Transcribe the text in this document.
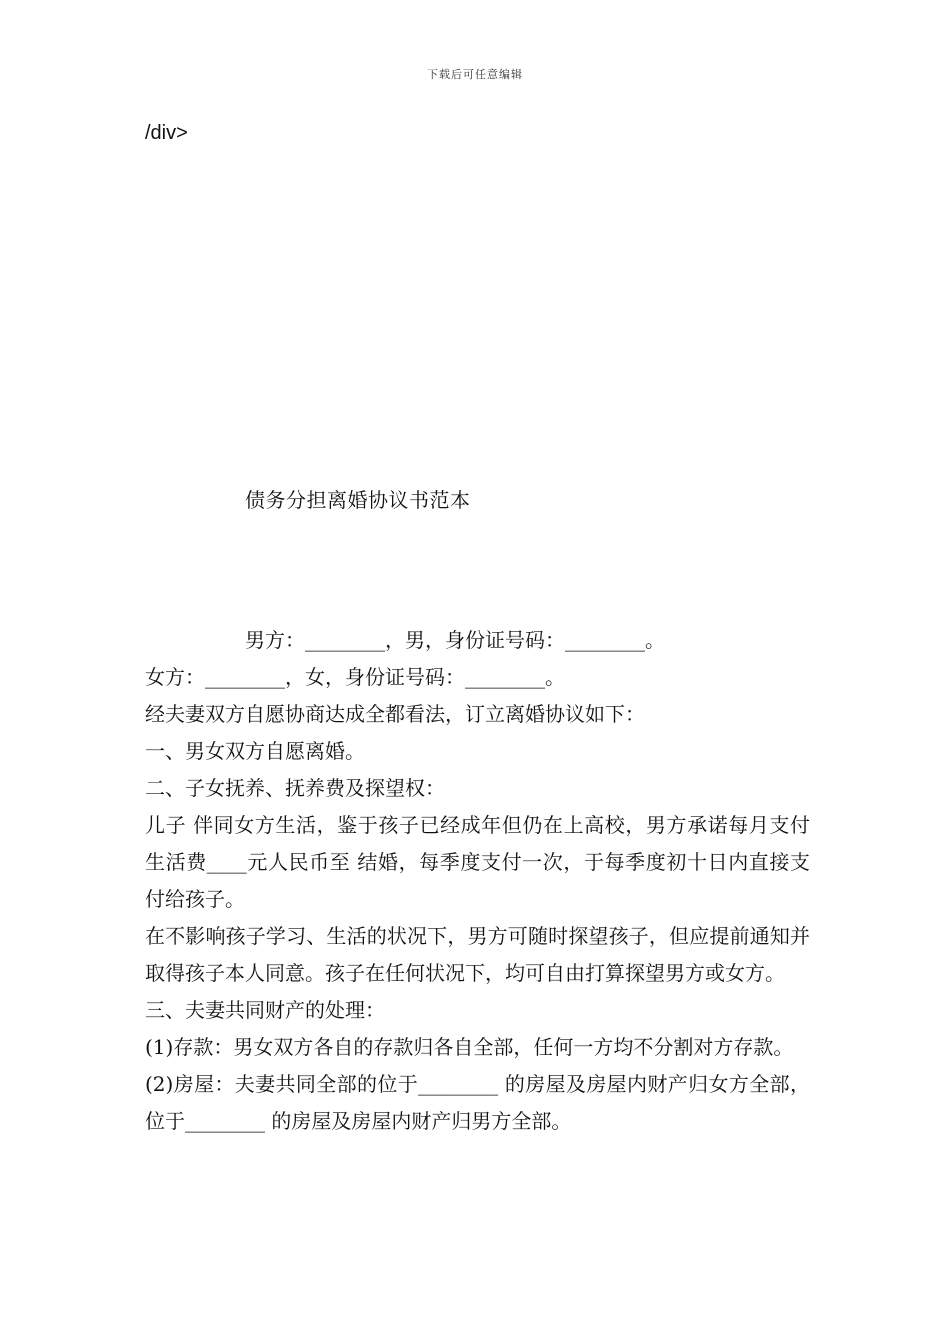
下载后可任意编辑
/div>
债务分担离婚协议书范本

男方：________，男，身份证号码：________。

女方：________，女，身份证号码：________。

经夫妻双方自愿协商达成全都看法，订立离婚协议如下：

一、男女双方自愿离婚。

二、子女抚养、抚养费及探望权：

儿子 伴同女方生活，鉴于孩子已经成年但仍在上高校，男方承诺每月支付生活费____元人民币至 结婚，每季度支付一次，于每季度初十日内直接支付给孩子。

在不影响孩子学习、生活的状况下，男方可随时探望孩子，但应提前通知并取得孩子本人同意。孩子在任何状况下，均可自由打算探望男方或女方。

三、夫妻共同财产的处理：

(1)存款：男女双方各自的存款归各自全部，任何一方均不分割对方存款。

(2)房屋：夫妻共同全部的位于________ 的房屋及房屋内财产归女方全部，位于________ 的房屋及房屋内财产归男方全部。
